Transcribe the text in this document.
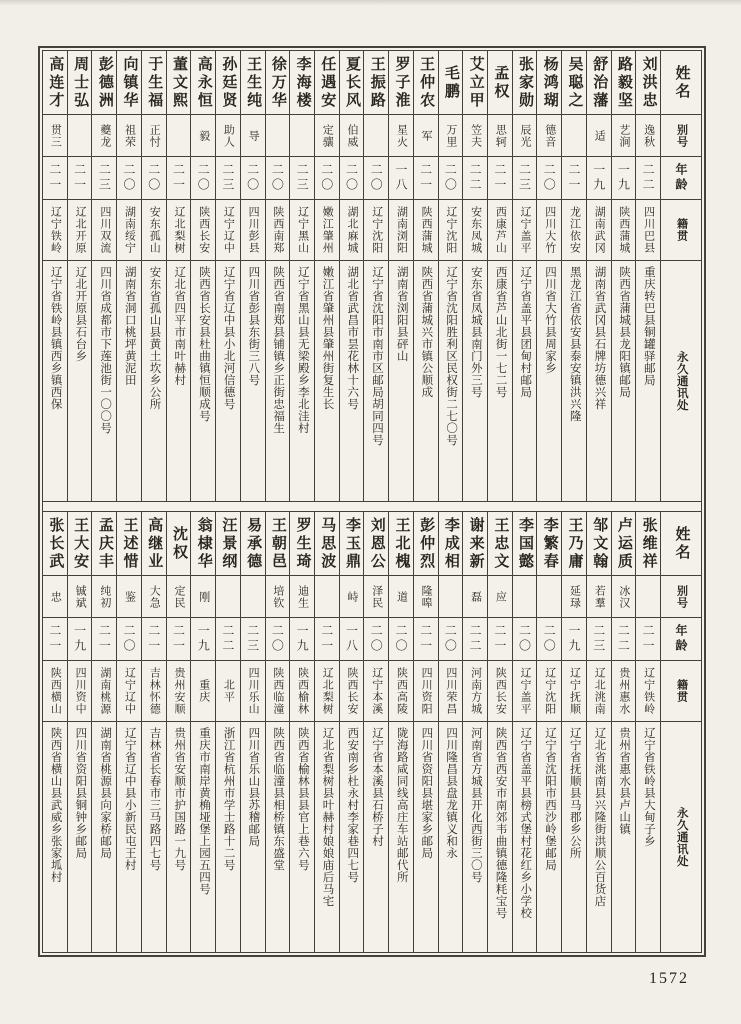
姓名
别号
年龄
籍贯
永久通讯处
刘洪忠
逸秋
二二
四川巴县
重庆转巴县铜罐驿邮局
路毅坚
艺涧
一九
陕西蒲城
陕西省蒲城县龙阳镇邮局
舒治藩
适
一九
湖南武冈
湖南省武冈县石牌坊德兴祥
吴聪之
二一
龙江依安
黑龙江省依安县泰安镇洪兴隆
杨鸿瑚
德音
二〇
四川大竹
四川省大竹县周家乡
张家勋
辰光
二三
辽宁盖平
辽宁省盖平县团甸村邮局
孟权
思轲
二一
西康芦山
西康省芦山北街一七二号
艾立甲
笠夫
二二
安东凤城
安东省凤城县南门外三号
毛鹏
万里
二〇
辽宁沈阳
辽宁省沈阳胜利区民权街二七〇号
王仲农
军
二一
陕西蒲城
陕西省蒲城兴市镇公顺成
罗子淮
星火
一八
湖南浏阳
湖南省浏阳县砰山
王振路
二〇
辽宁沈阳
辽宁省沈阳市南市区邮局胡同四号
夏长风
伯威
二〇
湖北麻城
湖北省武昌市昙花林十六号
任遇安
定骧
二〇
嫩江肇州
嫩江省肇州县肇州街复生长
李海楼
二三
辽宁黑山
辽宁省黑山县无梁殿乡李北洼村
徐万华
二〇
陕西南郑
陕西省南郑县铺镇乡正街忠福生
王生纯
导
二〇
四川彭县
四川省彭县东街三八号
孙廷贤
助人
二三
辽宁辽中
辽宁省辽中县小北河信德号
高永恒
毅
二〇
陕西长安
陕西省长安县杜曲镇恒顺成号
董文熙
二一
辽北梨树
辽北省四平市南叶赫村
于生福
正忖
二〇
安东孤山
安东省孤山县黄土坎乡公所
向镇华
祖荣
二〇
湖南绥宁
湖南省洞口桃坪黄泥田
彭德洲
夔龙
二三
四川双流
四川省成都市下莲池街一〇〇号
周士弘
二一
辽北开原
辽北开原县石台乡
高连才
贯三
二一
辽宁铁岭
辽宁省铁岭县镇西乡镇西保
姓名
别号
年龄
籍贯
永久通讯处
张维祥
二一
辽宁铁岭
辽宁省铁岭县大甸子乡
卢运质
冰汉
二二
贵州惠水
贵州省惠水县卢山镇
邹文翰
若羣
二三
辽北洮南
辽北省洮南县兴隆街洪顺公百货店
王乃庸
延琭
一九
辽宁抚顺
辽宁省抚顺县马郡乡公所
李繁春
二〇
辽宁沈阳
辽宁省沈阳市西沙岭堡邮局
李国懿
二〇
辽宁盖平
辽宁省盖平县榜式堡村花红乡小学校
王忠文
应
二一
陕西长安
陕西省西安市南郊韦曲镇德隆粍宝号
谢来新
磊
二二
河南方城
河南省方城县开化西街三〇号
李成相
二〇
四川荣昌
四川隆昌县盘龙镇义和永
彭仲烈
隆嗥
二一
四川资阳
四川省资阳县堪家乡邮局
王北槐
道
二〇
陕西高陵
陇海路咸同线高庄车站邮代所
刘恩公
泽民
二〇
辽宁本溪
辽宁省本溪县石桥子村
李玉鼎
峙
一八
陕西长安
西安南乡杜永村李家巷四七号
马思波
二一
辽北梨树
辽北省梨树县叶赫村娘娘庙后马宅
罗生琦
迪生
一九
陕西榆林
陕西省榆林县县官上巷六号
王朝邑
培钦
二〇
陕西临潼
陕西省临潼县相桥镇东盛堂
易承德
二三
四川乐山
四川省乐山县苏稽邮局
汪景纲
二二
北平
浙江省杭州市学士路十二号
翁棣华
刚
一九
重庆
重庆市南岸黄桷垭堡上园五四号
沈权
定民
二一
贵州安顺
贵州省安顺市护国路一九号
高继业
大急
二一
吉林怀德
吉林省长春市三马路四七号
王述惜
鉴
二〇
辽宁辽中
辽宁省辽中县小新民屯王村
孟庆丰
纯初
二一
湖南桃源
湖南省桃源县向家桥邮局
王大安
铖斌
一九
四川资中
四川省资阳县铜钟乡邮局
张长武
忠
二一
陕西横山
陕西省横山县武威乡张家坬村
1572
